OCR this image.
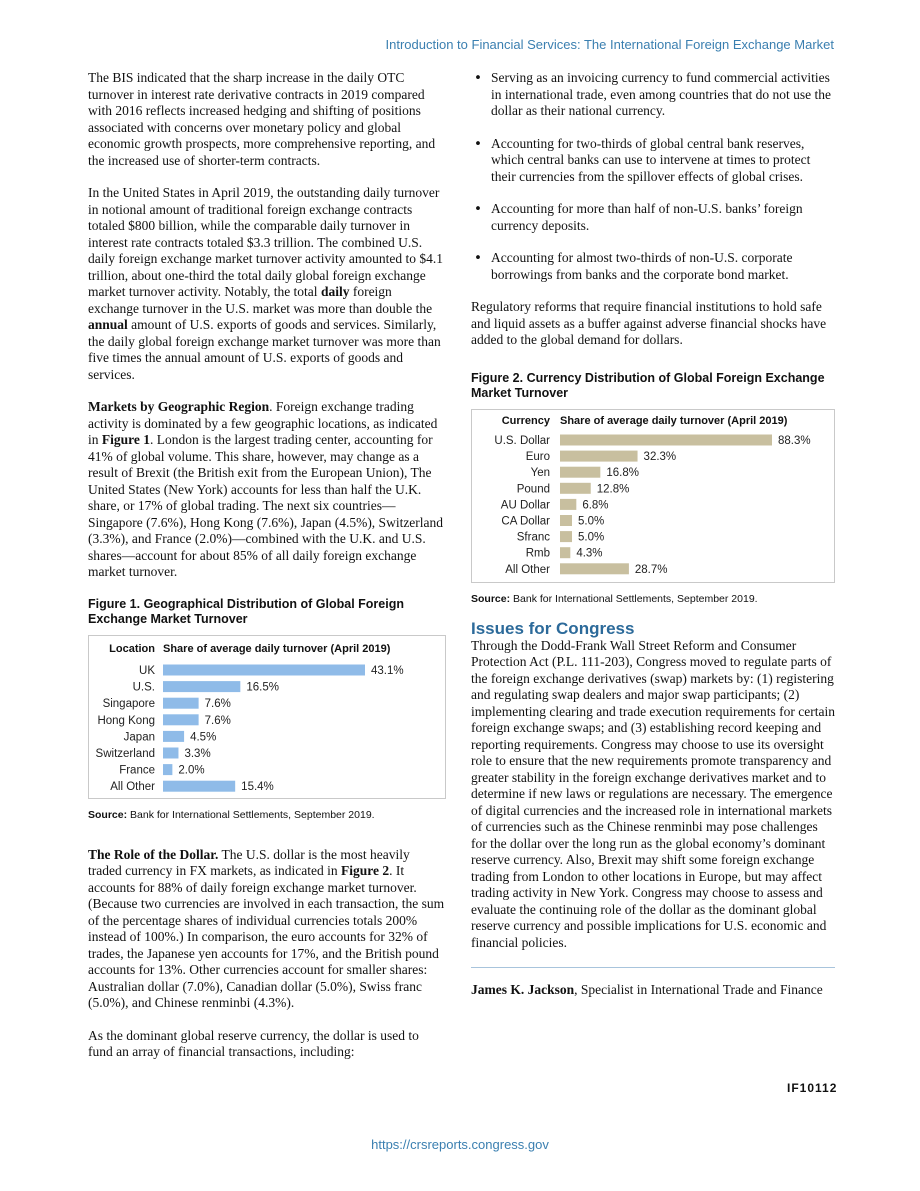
Introduction to Financial Services: The International Foreign Exchange Market

The BIS indicated that the sharp increase in the daily OTC turnover in interest rate derivative contracts in 2019 compared with 2016 reflects increased hedging and shifting of positions associated with concerns over monetary policy and global economic growth prospects, more comprehensive reporting, and the increased use of shorter-term contracts.

In the United States in April 2019, the outstanding daily turnover in notional amount of traditional foreign exchange contracts totaled $800 billion, while the comparable daily turnover in interest rate contracts totaled $3.3 trillion. The combined U.S. daily foreign exchange market turnover activity amounted to $4.1 trillion, about one-third the total daily global foreign exchange market turnover activity. Notably, the total daily foreign exchange turnover in the U.S. market was more than double the annual amount of U.S. exports of goods and services. Similarly, the daily global foreign exchange market turnover was more than five times the annual amount of U.S. exports of goods and services.

Markets by Geographic Region. Foreign exchange trading activity is dominated by a few geographic locations, as indicated in Figure 1. London is the largest trading center, accounting for 41% of global volume. This share, however, may change as a result of Brexit (the British exit from the European Union), The United States (New York) accounts for less than half the U.K. share, or 17% of global trading. The next six countries—Singapore (7.6%), Hong Kong (7.6%), Japan (4.5%), Switzerland (3.3%), and France (2.0%)—combined with the U.K. and U.S. shares—account for about 85% of all daily foreign exchange market turnover.

Figure 1. Geographical Distribution of Global Foreign Exchange Market Turnover
Location Share of average daily turnover (April 2019)
UK	43.1%
U.S.	16.5%
Singapore	7.6%
Hong Kong	7.6%
Japan	4.5%
Switzerland	3.3%
France 2.0%
All Other	15.4%
Source: Bank for International Settlements, September 2019.

The Role of the Dollar. The U.S. dollar is the most heavily traded currency in FX markets, as indicated in Figure 2. It accounts for 88% of daily foreign exchange market turnover. (Because two currencies are involved in each transaction, the sum of the percentage shares of individual currencies totals 200% instead of 100%.) In comparison, the euro accounts for 32% of trades, the Japanese yen accounts for 17%, and the British pound accounts for 13%. Other currencies account for smaller shares: Australian dollar (7.0%), Canadian dollar (5.0%), Swiss franc (5.0%), and Chinese renminbi (4.3%).

As the dominant global reserve currency, the dollar is used to fund an array of financial transactions, including:

• Serving as an invoicing currency to fund commercial activities in international trade, even among countries that do not use the dollar as their national currency.
• Accounting for two-thirds of global central bank reserves, which central banks can use to intervene at times to protect their currencies from the spillover effects of global crises.
• Accounting for more than half of non-U.S. banks’ foreign currency deposits.
• Accounting for almost two-thirds of non-U.S. corporate borrowings from banks and the corporate bond market.

Regulatory reforms that require financial institutions to hold safe and liquid assets as a buffer against adverse financial shocks have added to the global demand for dollars.

Figure 2. Currency Distribution of Global Foreign Exchange Market Turnover
Currency Share of average daily turnover (April 2019)
U.S. Dollar	88.3%
Euro	32.3%
Yen	16.8%
Pound	12.8%
AU Dollar	6.8%
CA Dollar 5.0%
Sfranc 5.0%
Rmb 4.3%
All Other	28.7%
Source: Bank for International Settlements, September 2019.
Issues for Congress

Through the Dodd-Frank Wall Street Reform and Consumer Protection Act (P.L. 111-203), Congress moved to regulate parts of the foreign exchange derivatives (swap) markets by: (1) registering and regulating swap dealers and major swap participants; (2) implementing clearing and trade execution requirements for certain foreign exchange swaps; and (3) establishing record keeping and reporting requirements. Congress may choose to use its oversight role to ensure that the new requirements promote transparency and greater stability in the foreign exchange derivatives market and to determine if new laws or regulations are necessary. The emergence of digital currencies and the increased role in international markets of currencies such as the Chinese renminbi may pose challenges for the dollar over the long run as the global economy’s dominant reserve currency. Also, Brexit may shift some foreign exchange trading from London to other locations in Europe, but may affect trading activity in New York. Congress may choose to assess and evaluate the continuing role of the dollar as the dominant global reserve currency and possible implications for U.S. economic and financial policies.

James K. Jackson, Specialist in International Trade and Finance

IF10112
https://crsreports.congress.gov
